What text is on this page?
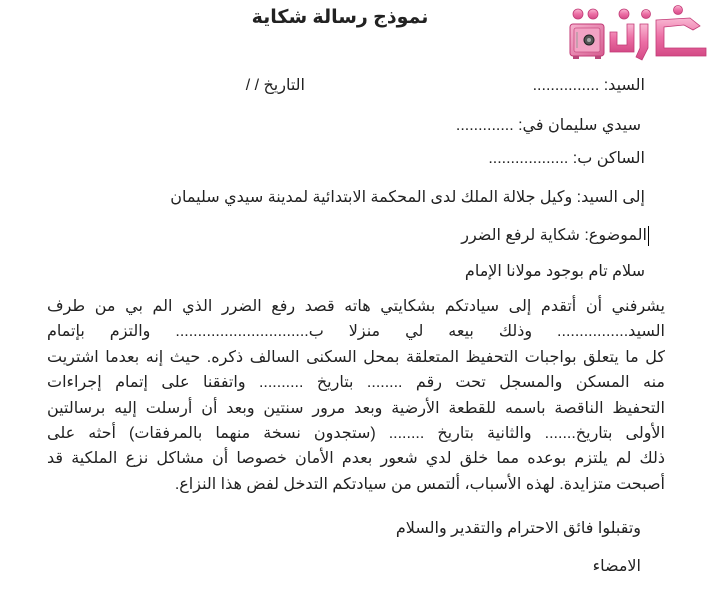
نموذج رسالة شكاية
السيد: ...............
التاريخ / /
سيدي سليمان في: .............
الساكن ب: ..................
إلى السيد: وكيل جلالة الملك لدى المحكمة الابتدائية لمدينة سيدي سليمان
الموضوع: شكاية لرفع الضرر
سلام تام بوجود مولانا الإمام
يشرفني أن أتقدم إلى سيادتكم بشكايتي هاته قصد رفع الضرر الذي الم بي من طرف
السيد................ وذلك بيعه لي منزلا ب.............................. والتزم بإتمام
كل ما يتعلق بواجبات التحفيظ المتعلقة بمحل السكنى السالف ذكره. حيث إنه بعدما اشتريت
منه المسكن والمسجل تحت رقم ........ بتاريخ .......... واتفقنا على إتمام إجراءات
التحفيظ الناقصة باسمه للقطعة الأرضية وبعد مرور سنتين وبعد أن أرسلت إليه برسالتين
الأولى بتاريخ....... والثانية بتاريخ ........ (ستجدون نسخة منهما بالمرفقات) أحثه على
ذلك لم يلتزم بوعده مما خلق لدي شعور بعدم الأمان خصوصا أن مشاكل نزع الملكية قد
أصبحت متزايدة. لهذه الأسباب، ألتمس من سيادتكم التدخل لفض هذا النزاع.
وتقبلوا فائق الاحترام والتقدير والسلام
الامضاء
